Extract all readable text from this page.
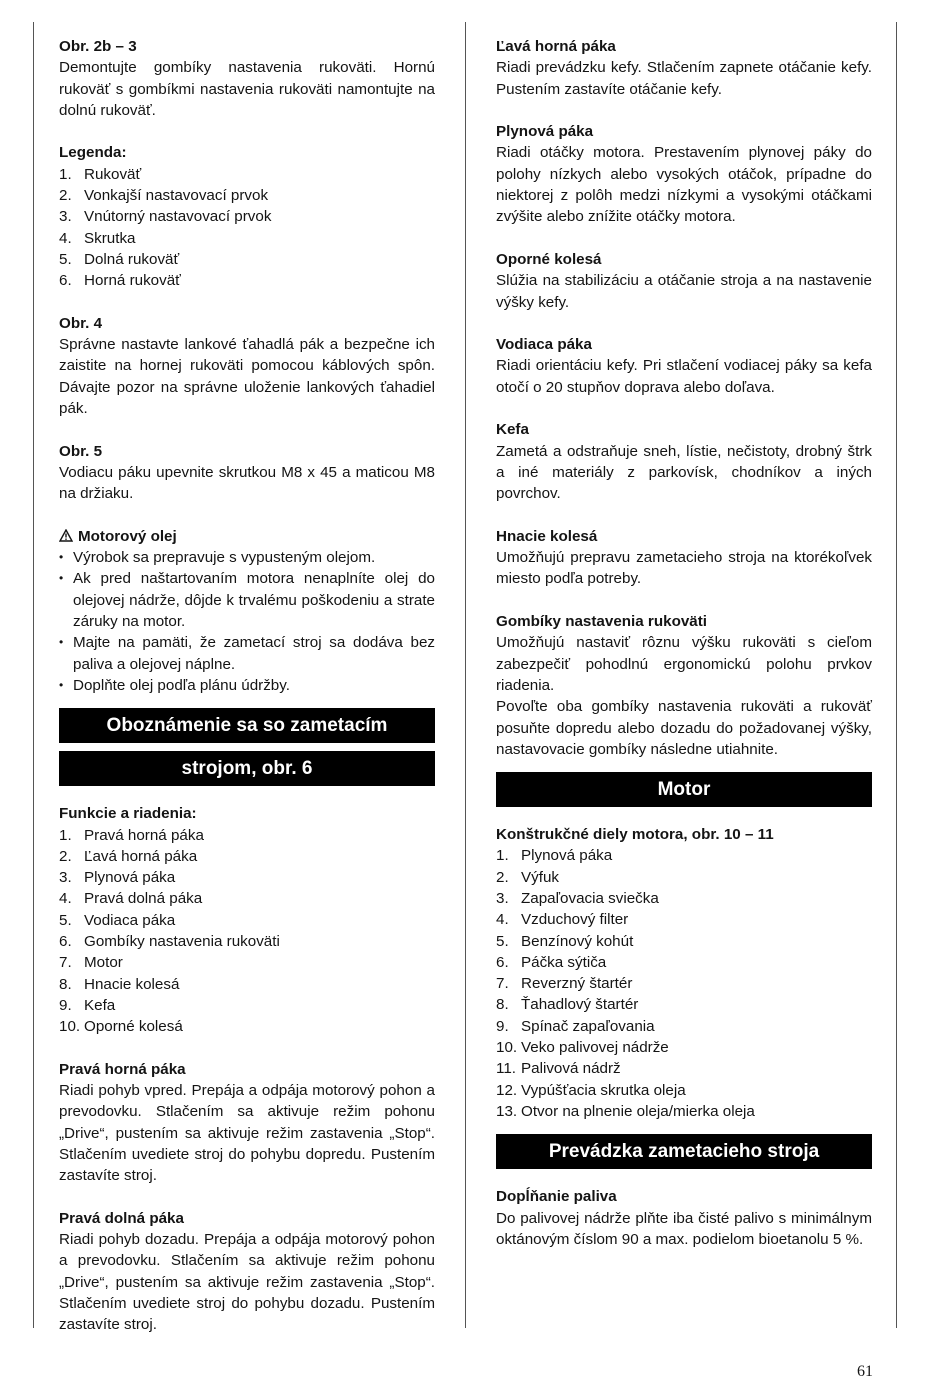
Obr. 2b – 3

Demontujte gombíky nastavenia rukoväti. Hornú rukoväť s gombíkmi nastavenia rukoväti namontujte na dolnú rukoväť.

Legenda:
1. Rukoväť
2. Vonkajší nastavovací prvok
3. Vnútorný nastavovací prvok
4. Skrutka
5. Dolná rukoväť
6. Horná rukoväť
Obr. 4

Správne nastavte lankové ťahadlá pák a bezpečne ich zaistite na hornej rukoväti pomocou káblových spôn. Dávajte pozor na správne uloženie lankových ťahadiel pák.

Obr. 5

Vodiacu páku upevnite skrutkou M8 x 45 a maticou M8 na držiaku.

Motorový olej
• Výrobok sa prepravuje s vypusteným olejom.
• Ak pred naštartovaním motora nenaplníte olej do olejovej nádrže, dôjde k trvalému poškodeniu a strate záruky na motor.
• Majte na pamäti, že zametací stroj sa dodáva bez paliva a olejovej náplne.
• Doplňte olej podľa plánu údržby.
Oboznámenie sa so zametacím
strojom, obr. 6
Funkcie a riadenia:
1. Pravá horná páka
2. Ľavá horná páka
3. Plynová páka
4. Pravá dolná páka
5. Vodiaca páka
6. Gombíky nastavenia rukoväti
7. Motor
8. Hnacie kolesá
9. Kefa
10. Oporné kolesá
Pravá horná páka

Riadi pohyb vpred. Prepája a odpája motorový pohon a prevodovku. Stlačením sa aktivuje režim pohonu „Drive“, pustením sa aktivuje režim zastavenia „Stop“. Stlačením uvediete stroj do pohybu dopredu. Pustením zastavíte stroj.

Pravá dolná páka

Riadi pohyb dozadu. Prepája a odpája motorový pohon a prevodovku. Stlačením sa aktivuje režim pohonu „Drive“, pustením sa aktivuje režim zastavenia „Stop“. Stlačením uvediete stroj do pohybu dozadu. Pustením zastavíte stroj.

Ľavá horná páka

Riadi prevádzku kefy. Stlačením zapnete otáčanie kefy. Pustením zastavíte otáčanie kefy.

Plynová páka

Riadi otáčky motora. Prestavením plynovej páky do polohy nízkych alebo vysokých otáčok, prípadne do niektorej z polôh medzi nízkymi a vysokými otáčkami zvýšite alebo znížite otáčky motora.

Oporné kolesá

Slúžia na stabilizáciu a otáčanie stroja a na nastavenie výšky kefy.

Vodiaca páka

Riadi orientáciu kefy. Pri stlačení vodiacej páky sa kefa otočí o 20 stupňov doprava alebo doľava.

Kefa

Zametá a odstraňuje sneh, lístie, nečistoty, drobný štrk a iné materiály z parkovísk, chodníkov a iných povrchov.

Hnacie kolesá

Umožňujú prepravu zametacieho stroja na ktorékoľvek miesto podľa potreby.

Gombíky nastavenia rukoväti

Umožňujú nastaviť rôznu výšku rukoväti s cieľom zabezpečiť pohodlnú ergonomickú polohu prvkov riadenia.

Povoľte oba gombíky nastavenia rukoväti a rukoväť posuňte dopredu alebo dozadu do požadovanej výšky, nastavovacie gombíky následne utiahnite.

Motor
Konštrukčné diely motora, obr. 10 – 11
1. Plynová páka
2. Výfuk
3. Zapaľovacia sviečka
4. Vzduchový filter
5. Benzínový kohút
6. Páčka sýtiča
7. Reverzný štartér
8. Ťahadlový štartér
9. Spínač zapaľovania
10. Veko palivovej nádrže
11. Palivová nádrž
12. Vypúšťacia skrutka oleja
13. Otvor na plnenie oleja/mierka oleja
Prevádzka zametacieho stroja
Dopĺňanie paliva

Do palivovej nádrže plňte iba čisté palivo s minimálnym oktánovým číslom 90 a max. podielom bioetanolu 5 %.

61
